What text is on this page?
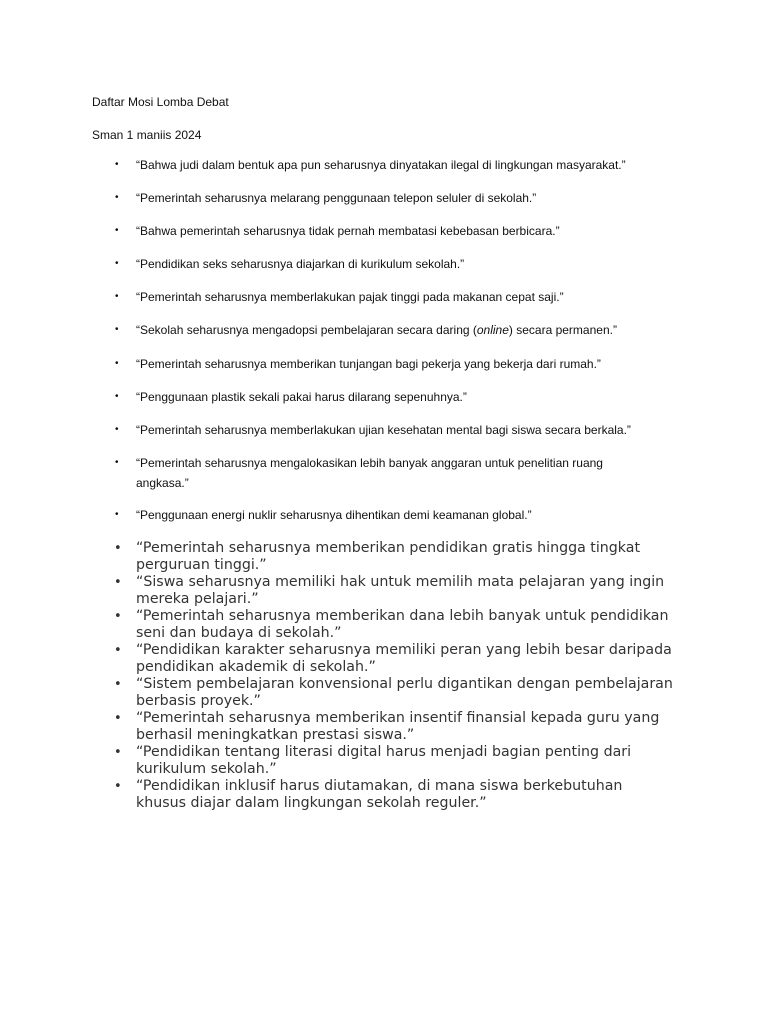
Daftar Mosi Lomba Debat
Sman 1 maniis 2024
• “Bahwa judi dalam bentuk apa pun seharusnya dinyatakan ilegal di lingkungan masyarakat.”
• “Pemerintah seharusnya melarang penggunaan telepon seluler di sekolah.”
• “Bahwa pemerintah seharusnya tidak pernah membatasi kebebasan berbicara.”
• “Pendidikan seks seharusnya diajarkan di kurikulum sekolah.”
• “Pemerintah seharusnya memberlakukan pajak tinggi pada makanan cepat saji.”
• “Sekolah seharusnya mengadopsi pembelajaran secara daring (online) secara permanen.”
• “Pemerintah seharusnya memberikan tunjangan bagi pekerja yang bekerja dari rumah.”
• “Penggunaan plastik sekali pakai harus dilarang sepenuhnya.”
• “Pemerintah seharusnya memberlakukan ujian kesehatan mental bagi siswa secara berkala.”
• “Pemerintah seharusnya mengalokasikan lebih banyak anggaran untuk penelitian ruang angkasa.”
• “Penggunaan energi nuklir seharusnya dihentikan demi keamanan global.”
• “Pemerintah seharusnya memberikan pendidikan gratis hingga tingkat perguruan tinggi.”
• “Siswa seharusnya memiliki hak untuk memilih mata pelajaran yang ingin mereka pelajari.”
• “Pemerintah seharusnya memberikan dana lebih banyak untuk pendidikan seni dan budaya di sekolah.”
• “Pendidikan karakter seharusnya memiliki peran yang lebih besar daripada pendidikan akademik di sekolah.”
• “Sistem pembelajaran konvensional perlu digantikan dengan pembelajaran berbasis proyek.”
• “Pemerintah seharusnya memberikan insentif finansial kepada guru yang berhasil meningkatkan prestasi siswa.”
• “Pendidikan tentang literasi digital harus menjadi bagian penting dari kurikulum sekolah.”
• “Pendidikan inklusif harus diutamakan, di mana siswa berkebutuhan khusus diajar dalam lingkungan sekolah reguler.”
